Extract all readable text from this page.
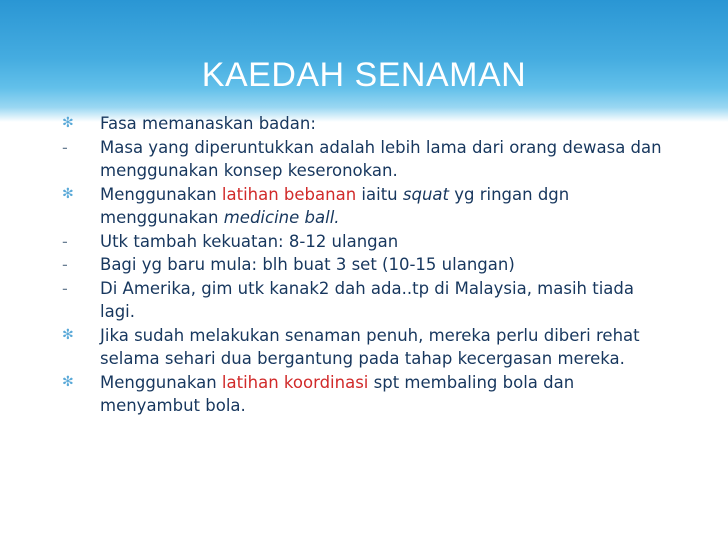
KAEDAH SENAMAN
✻	Fasa memanaskan badan:
-	Masa yang diperuntukkan adalah lebih lama dari orang dewasa dan menggunakan konsep keseronokan.
✻	Menggunakan latihan bebanan iaitu squat yg ringan dgn menggunakan medicine ball.
-	Utk tambah kekuatan: 8-12 ulangan
-	Bagi yg baru mula: blh buat 3 set (10-15 ulangan)
-	Di Amerika, gim utk kanak2 dah ada..tp di Malaysia, masih tiada lagi.
✻	Jika sudah melakukan senaman penuh, mereka perlu diberi rehat selama sehari dua bergantung pada tahap kecergasan mereka.
✻	Menggunakan latihan koordinasi spt membaling bola dan menyambut bola.
